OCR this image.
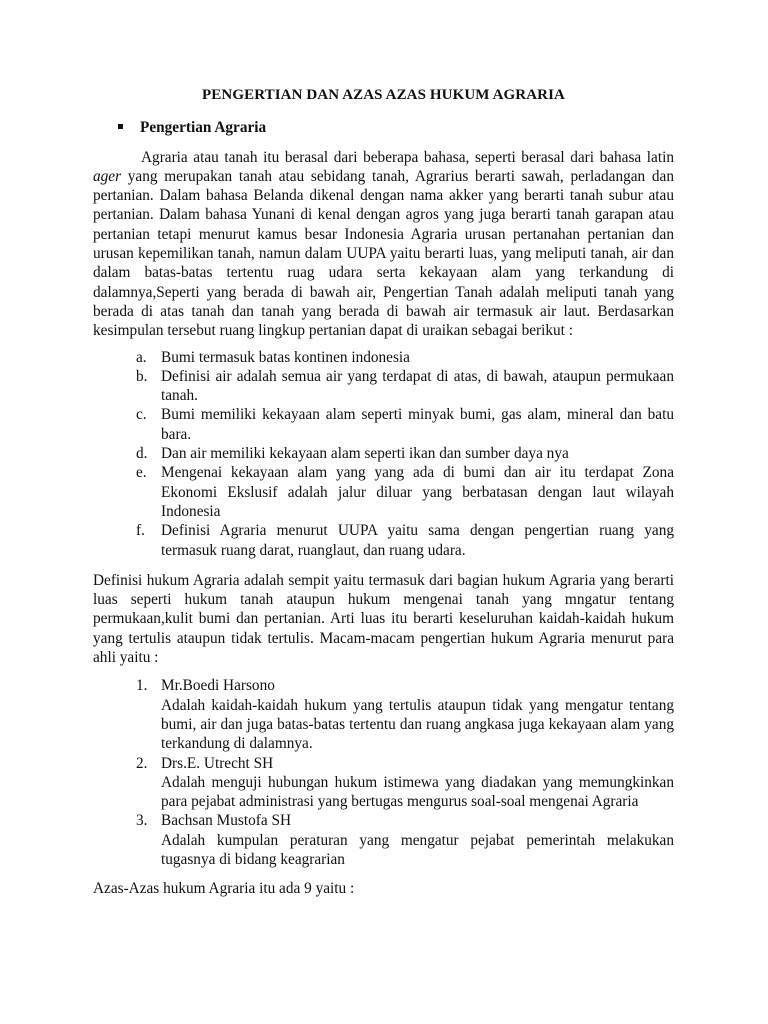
PENGERTIAN DAN AZAS AZAS HUKUM AGRARIA
Pengertian Agraria

Agraria atau tanah itu berasal dari beberapa bahasa, seperti berasal dari bahasa latin ager yang merupakan tanah atau sebidang tanah, Agrarius berarti sawah, perladangan dan pertanian. Dalam bahasa Belanda dikenal dengan nama akker yang berarti tanah subur atau pertanian. Dalam bahasa Yunani di kenal dengan agros yang juga berarti tanah garapan atau pertanian tetapi menurut kamus besar Indonesia Agraria urusan pertanahan pertanian dan urusan kepemilikan tanah, namun dalam UUPA yaitu berarti luas, yang meliputi tanah, air dan dalam batas-batas tertentu ruag udara serta kekayaan alam yang terkandung di dalamnya,Seperti yang berada di bawah air, Pengertian Tanah adalah meliputi tanah yang berada di atas tanah dan tanah yang berada di bawah air termasuk air laut. Berdasarkan kesimpulan tersebut ruang lingkup pertanian dapat di uraikan sebagai berikut :

a. Bumi termasuk batas kontinen indonesia
b. Definisi air adalah semua air yang terdapat di atas, di bawah, ataupun permukaan tanah.
c. Bumi memiliki kekayaan alam seperti minyak bumi, gas alam, mineral dan batu bara.
d. Dan air memiliki kekayaan alam seperti ikan dan sumber daya nya
e. Mengenai kekayaan alam yang yang ada di bumi dan air itu terdapat Zona Ekonomi Ekslusif adalah jalur diluar yang berbatasan dengan laut wilayah Indonesia
f.	Definisi Agraria menurut UUPA yaitu sama dengan pengertian ruang yang termasuk ruang darat, ruanglaut, dan ruang udara.

Definisi hukum Agraria adalah sempit yaitu termasuk dari bagian hukum Agraria yang berarti luas seperti hukum tanah ataupun hukum mengenai tanah yang mngatur tentang permukaan,kulit bumi dan pertanian. Arti luas itu berarti keseluruhan kaidah-kaidah hukum yang tertulis ataupun tidak tertulis. Macam-macam pengertian hukum Agraria menurut para ahli yaitu :

1. Mr.Boedi Harsono
Adalah kaidah-kaidah hukum yang tertulis ataupun tidak yang mengatur tentang bumi, air dan juga batas-batas tertentu dan ruang angkasa juga kekayaan alam yang terkandung di dalamnya.
2. Drs.E. Utrecht SH
Adalah menguji hubungan hukum istimewa yang diadakan yang memungkinkan para pejabat administrasi yang bertugas mengurus soal-soal mengenai Agraria
3. Bachsan Mustofa SH
Adalah kumpulan peraturan yang mengatur pejabat pemerintah melakukan tugasnya di bidang keagrarian

Azas-Azas hukum Agraria itu ada 9 yaitu :
